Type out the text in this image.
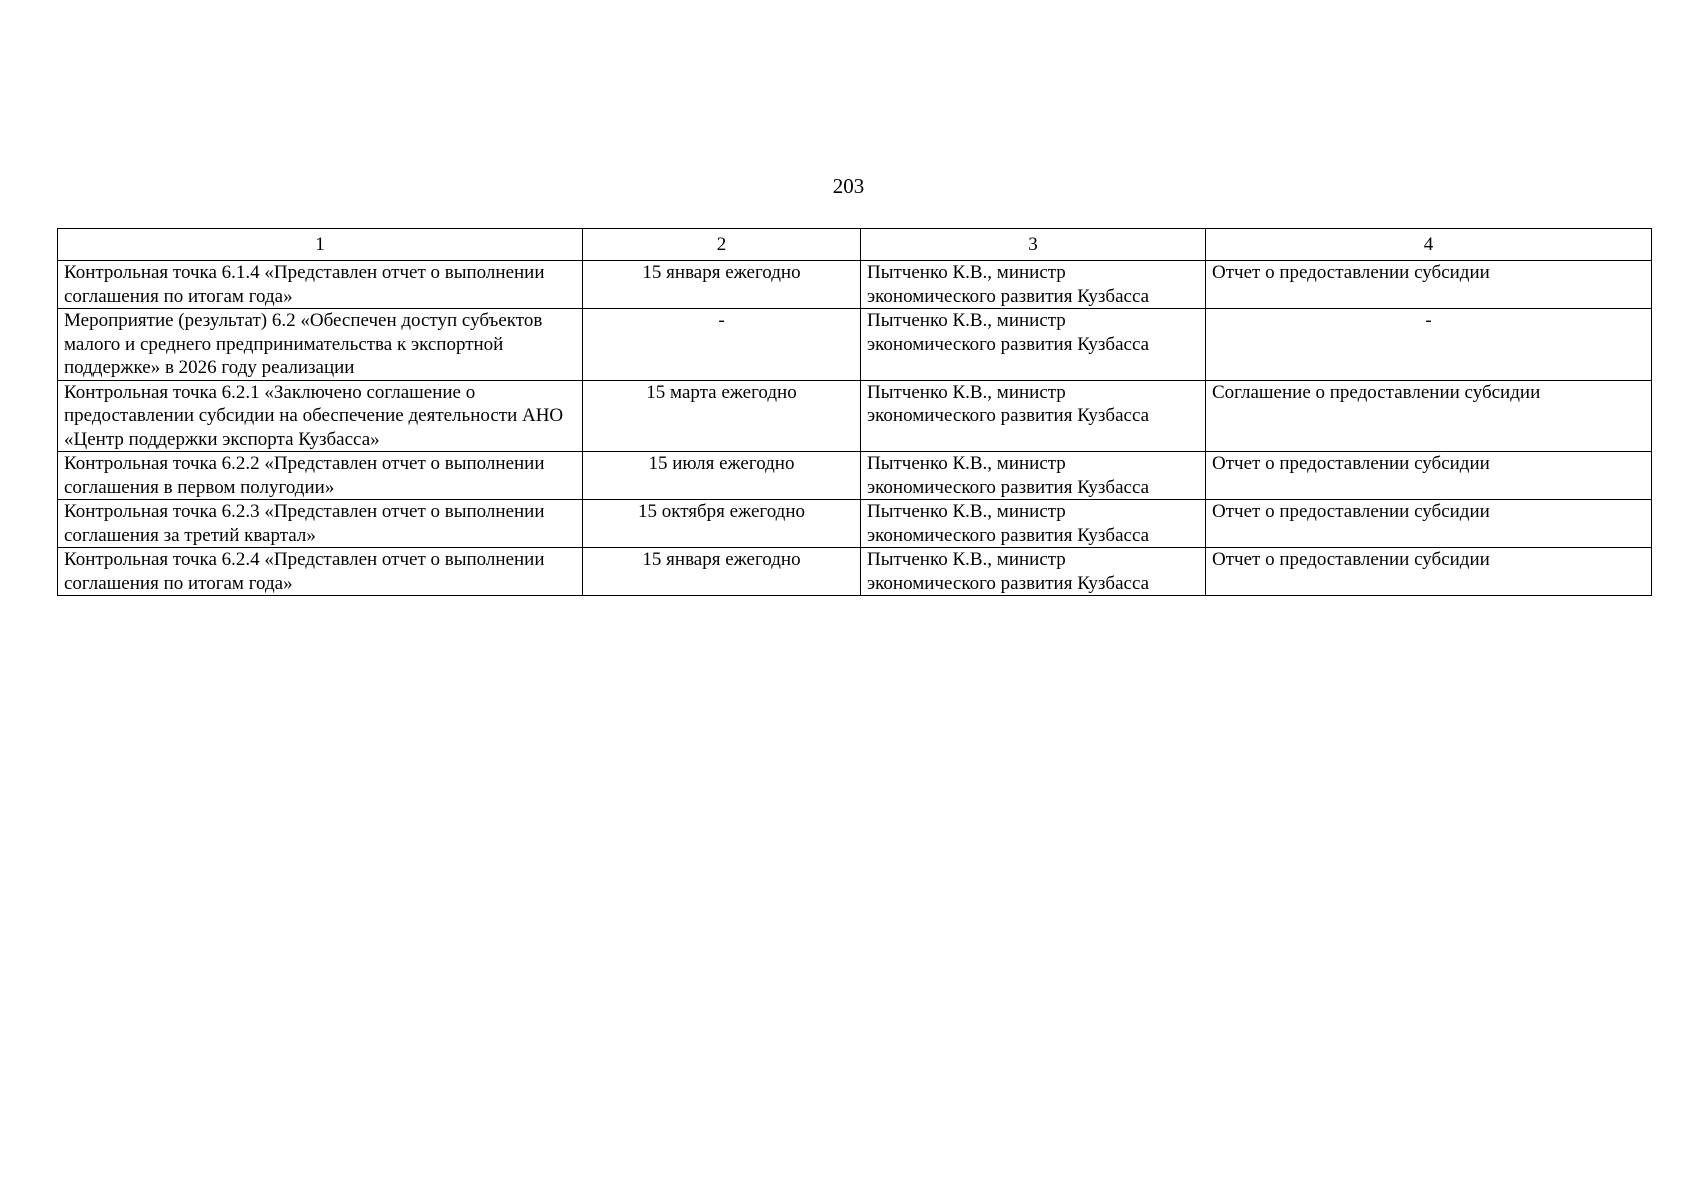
203
1	2	3	4
Контрольная точка 6.1.4 «Представлен отчет о выполнении соглашения по итогам года»	15 января ежегодно	Пытченко К.В., министр экономического развития Кузбасса	Отчет о предоставлении субсидии
Мероприятие (результат) 6.2 «Обеспечен доступ субъектов малого и среднего предпринимательства к экспортной поддержке» в 2026 году реализации	-	Пытченко К.В., министр экономического развития Кузбасса	-
Контрольная точка 6.2.1 «Заключено соглашение о предоставлении субсидии на обеспечение деятельности АНО «Центр поддержки экспорта Кузбасса»	15 марта ежегодно	Пытченко К.В., министр экономического развития Кузбасса	Соглашение о предоставлении субсидии
Контрольная точка 6.2.2 «Представлен отчет о выполнении соглашения в первом полугодии»	15 июля ежегодно	Пытченко К.В., министр экономического развития Кузбасса	Отчет о предоставлении субсидии
Контрольная точка 6.2.3 «Представлен отчет о выполнении соглашения за третий квартал»	15 октября ежегодно	Пытченко К.В., министр экономического развития Кузбасса	Отчет о предоставлении субсидии
Контрольная точка 6.2.4 «Представлен отчет о выполнении соглашения по итогам года»	15 января ежегодно	Пытченко К.В., министр экономического развития Кузбасса	Отчет о предоставлении субсидии
